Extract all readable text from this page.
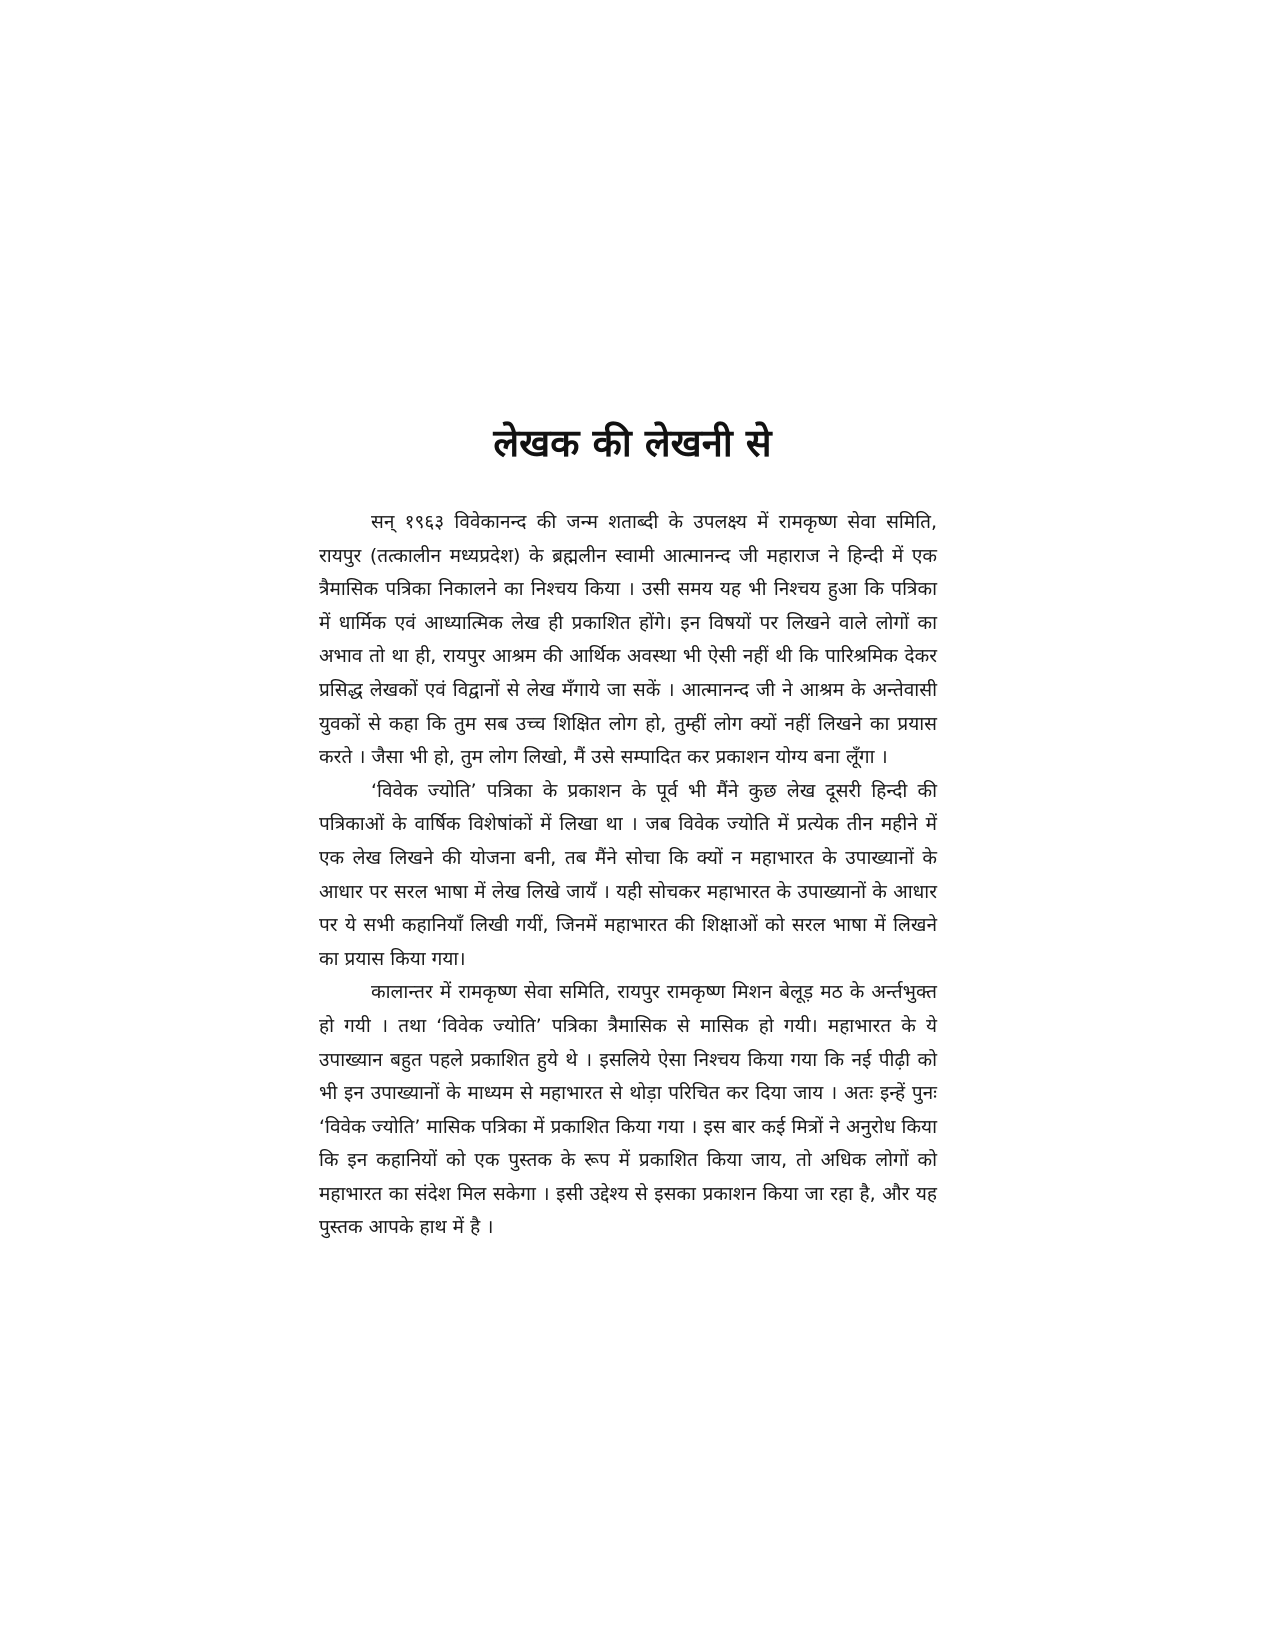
लेखक की लेखनी से

सन् १९६३ विवेकानन्द की जन्म शताब्दी के उपलक्ष्य में रामकृष्ण सेवा समिति, रायपुर (तत्कालीन मध्यप्रदेश) के ब्रह्मलीन स्वामी आत्मानन्द जी महाराज ने हिन्दी में एक त्रैमासिक पत्रिका निकालने का निश्चय किया । उसी समय यह भी निश्चय हुआ कि पत्रिका में धार्मिक एवं आध्यात्मिक लेख ही प्रकाशित होंगे। इन विषयों पर लिखने वाले लोगों का अभाव तो था ही, रायपुर आश्रम की आर्थिक अवस्था भी ऐसी नहीं थी कि पारिश्रमिक देकर प्रसिद्ध लेखकों एवं विद्वानों से लेख मँगाये जा सकें । आत्मानन्द जी ने आश्रम के अन्तेवासी युवकों से कहा कि तुम सब उच्च शिक्षित लोग हो, तुम्हीं लोग क्यों नहीं लिखने का प्रयास करते । जैसा भी हो, तुम लोग लिखो, मैं उसे सम्पादित कर प्रकाशन योग्य बना लूँगा ।

‘विवेक ज्योति’ पत्रिका के प्रकाशन के पूर्व भी मैंने कुछ लेख दूसरी हिन्दी की पत्रिकाओं के वार्षिक विशेषांकों में लिखा था । जब विवेक ज्योति में प्रत्येक तीन महीने में एक लेख लिखने की योजना बनी, तब मैंने सोचा कि क्यों न महाभारत के उपाख्यानों के आधार पर सरल भाषा में लेख लिखे जायँ । यही सोचकर महाभारत के उपाख्यानों के आधार पर ये सभी कहानियाँ लिखी गयीं, जिनमें महाभारत की शिक्षाओं को सरल भाषा में लिखने का प्रयास किया गया।

कालान्तर में रामकृष्ण सेवा समिति, रायपुर रामकृष्ण मिशन बेलूड़ मठ के अर्न्तभुक्त हो गयी । तथा ‘विवेक ज्योति’ पत्रिका त्रैमासिक से मासिक हो गयी। महाभारत के ये उपाख्यान बहुत पहले प्रकाशित हुये थे । इसलिये ऐसा निश्चय किया गया कि नई पीढ़ी को भी इन उपाख्यानों के माध्यम से महाभारत से थोड़ा परिचित कर दिया जाय । अतः इन्हें पुनः ‘विवेक ज्योति’ मासिक पत्रिका में प्रकाशित किया गया । इस बार कई मित्रों ने अनुरोध किया कि इन कहानियों को एक पुस्तक के रूप में प्रकाशित किया जाय, तो अधिक लोगों को महाभारत का संदेश मिल सकेगा । इसी उद्देश्य से इसका प्रकाशन किया जा रहा है, और यह पुस्तक आपके हाथ में है ।
